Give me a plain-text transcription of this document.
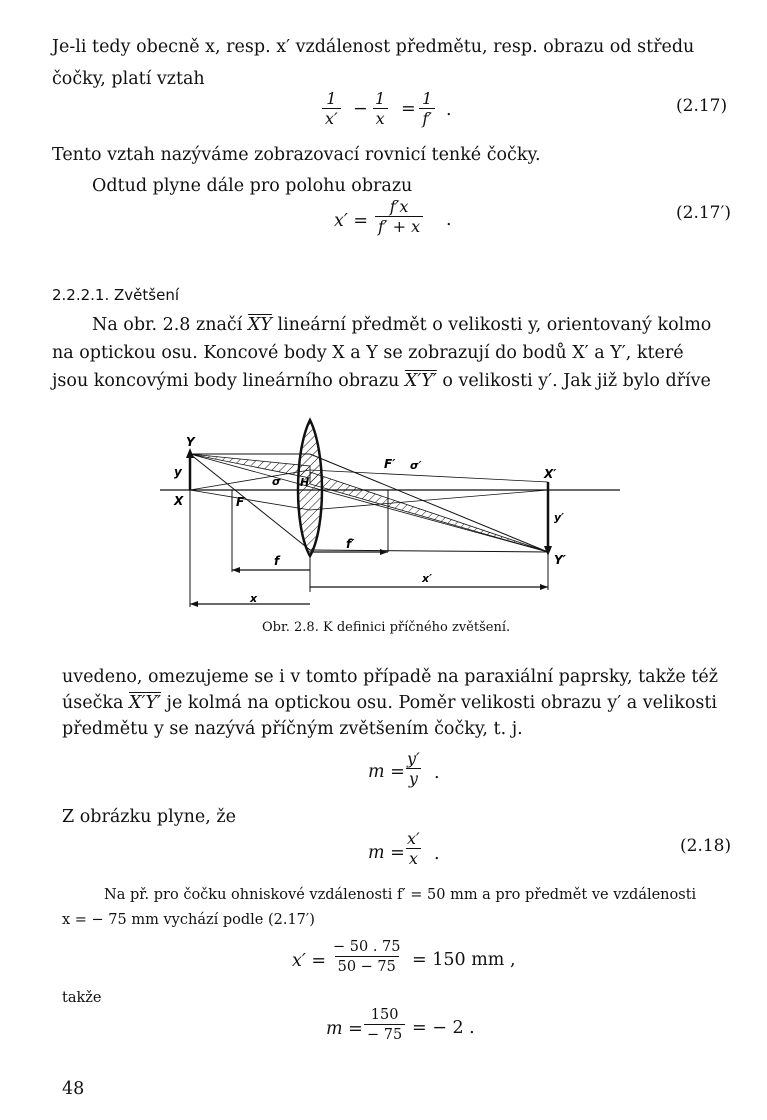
Je-li tedy obecně x, resp. x′ vzdálenost předmětu, resp. obrazu od středu
čočky, platí vztah
$\frac{1}{x'} - \frac{1}{x} = \frac{1}{f'}$ .	(2.17)
Tento vztah nazýváme zobrazovací rovnicí tenké čočky.
Odtud plyne dále pro polohu obrazu
$x' = \frac{f'x}{f' + x}$ .	(2.17′)
2.2.2.1. Zvětšení
Na obr. 2.8 značí $\overline{XY}$ lineární předmět o velikosti y, orientovaný kolmo
na optickou osu. Koncové body X a Y se zobrazují do bodů X′ a Y′, které
jsou koncovými body lineárního obrazu X′Y′ o velikosti y′. Jak již bylo dříve
Y
y
X	F
σ H
F′ σ′
X′
y′
Y′
f
f′
x′
x
Obr. 2.8. K definici příčného zvětšení.
uvedeno, omezujeme se i v tomto případě na paraxiální paprsky, takže též
úsečka X′Y′ je kolmá na optickou osu. Poměr velikosti obrazu y′ a velikosti
předmětu y se nazývá příčným zvětšením čočky, t. j.
$m = \frac{y'}{y}$ .
Z obrázku plyne, že
$m = \frac{x'}{x}$ .	(2.18)
Na př. pro čočku ohniskové vzdálenosti f′ = 50 mm a pro předmět ve vzdálenosti
x = − 75 mm vychází podle (2.17′)
$x' = \frac{- 50 . 75}{50 - 75} = 150$ mm ,
takže
$m = \frac{150}{- 75}$ = − 2 .
48
